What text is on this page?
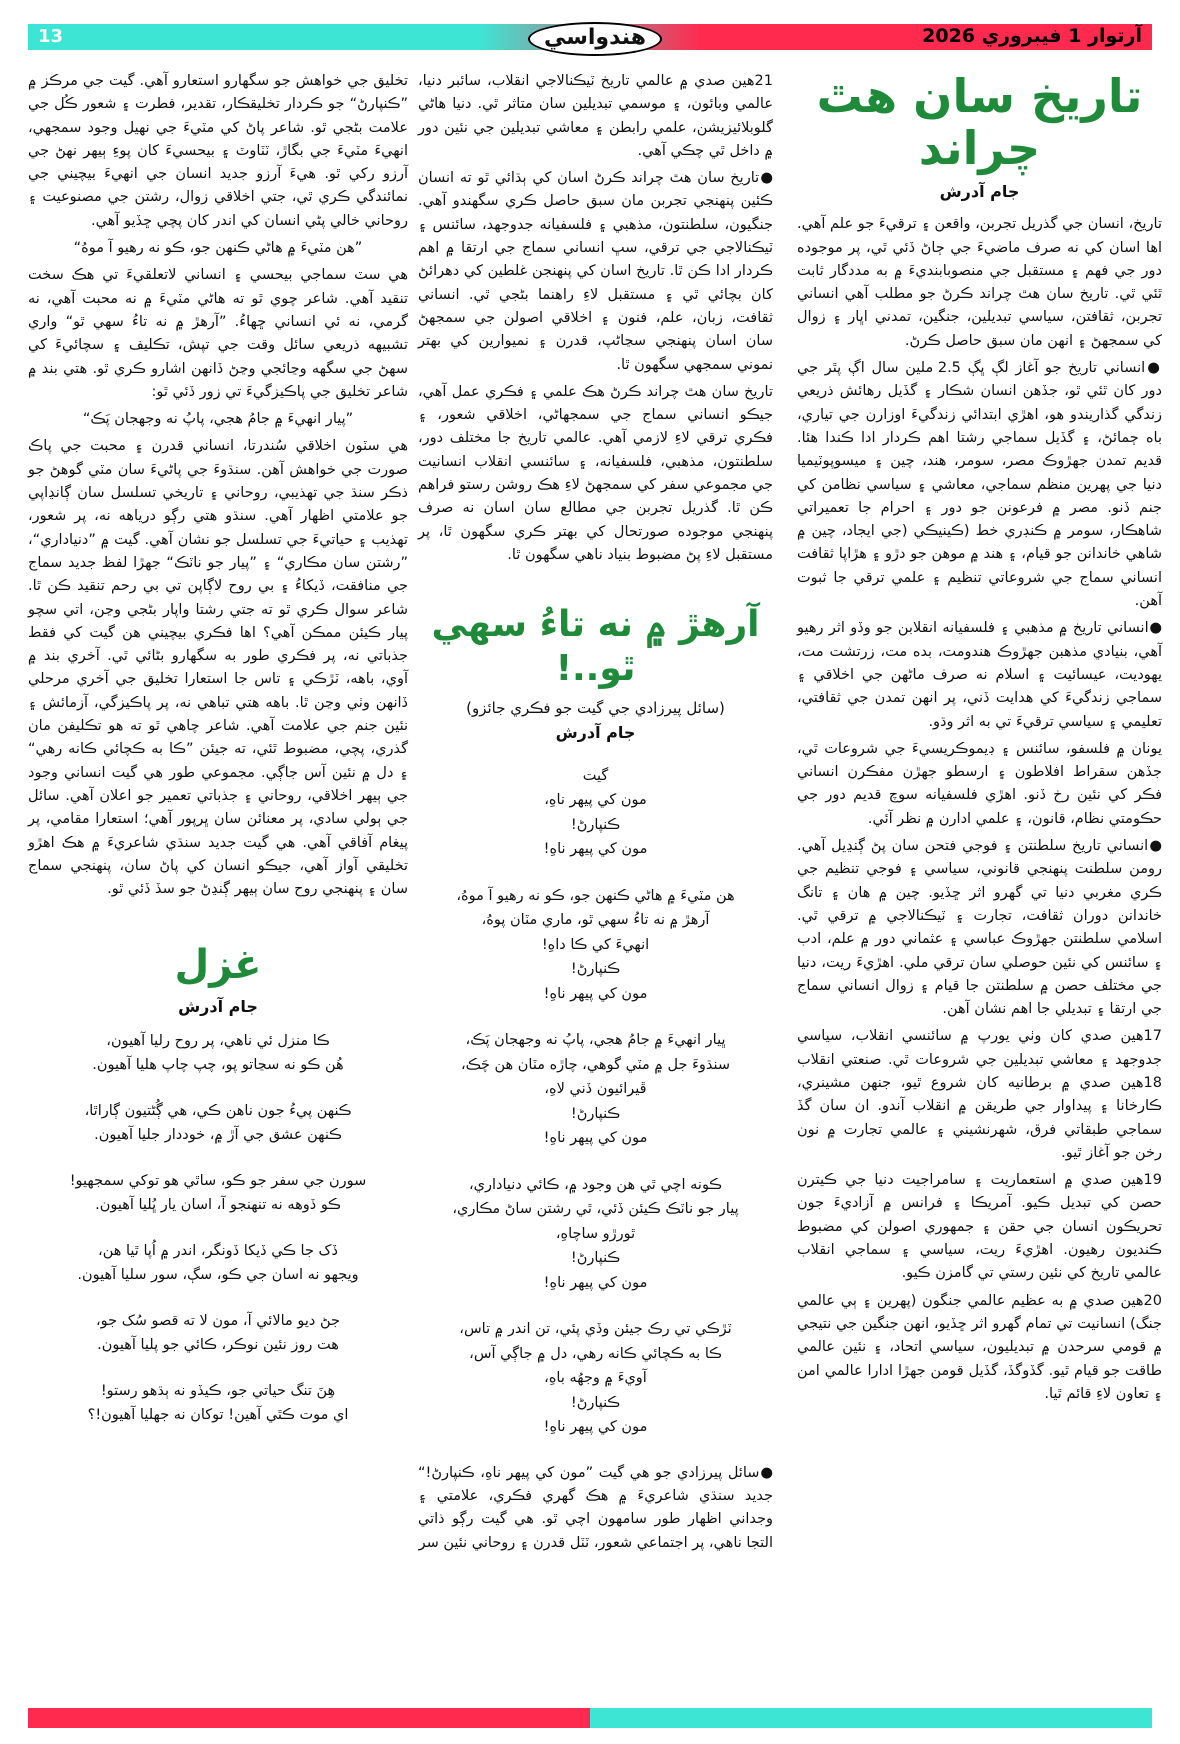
13	هندواسي	آرتوار 1 فيبروري 2026
تاريخ سان هٿ چراند
جام آدرش

تاريخ، انسان جي گذريل تجربن، واقعن ۽ ترقيءَ جو علم آهي. اها اسان کي نه صرف ماضيءَ جي ڄاڻ ڏئي ٿي، پر موجوده دور جي فهم ۽ مستقبل جي منصوبابنديءَ ۾ به مددگار ثابت ٿئي ٿي. تاريخ سان هٿ چراند ڪرڻ جو مطلب آهي انساني تجربن، ثقافتن، سياسي تبديلين، جنگين، تمدني اڀار ۽ زوال کي سمجهڻ ۽ انهن مان سبق حاصل ڪرڻ.

●انساني تاريخ جو آغاز لڳ ڀڳ 2.5 ملين سال اڳ پٿر جي دور کان ٿئي ٿو، جڏهن انسان شڪار ۽ گڏيل رهائش ذريعي زندگي گذاريندو هو، اهڙي ابتدائي زندگيءَ اوزارن جي تياري، باه ڄمائڻ، ۽ گڏيل سماجي رشتا اهم ڪردار ادا ڪندا هئا. قديم تمدن جهڙوڪ مصر، سومر، هند، چين ۽ ميسوپوٽيميا دنيا جي پهرين منظم سماجي، معاشي ۽ سياسي نظامن کي جنم ڏنو. مصر ۾ فرعونن جو دور ۽ احرام جا تعميراتي شاهڪار، سومر ۾ ڪنڊري خط (ڪينيڪي (جي ايجاد، چين ۾ شاهي خاندانن جو قيام، ۽ هند ۾ موهن جو دڙو ۽ هڙاپا ثقافت انساني سماج جي شروعاتي تنظيم ۽ علمي ترقي جا ثبوت آهن.

●انساني تاريخ ۾ مذهبي ۽ فلسفيانه انقلابن جو وڏو اثر رهيو آهي، بنيادي مذهبن جهڙوڪ هندومت، بده مت، زرتشت مت، يهوديت، عيسائيت ۽ اسلام نه صرف ماڻهن جي اخلاقي ۽ سماجي زندگيءَ کي هدايت ڏني، پر انهن تمدن جي ثقافتي، تعليمي ۽ سياسي ترقيءَ تي به اثر وڌو.

يونان ۾ فلسفو، سائنس ۽ ڊيموڪريسيءَ جي شروعات ٿي، جڏهن سقراط افلاطون ۽ ارسطو جهڙن مفڪرن انساني فڪر کي نئين رخ ڏنو. اهڙي فلسفيانه سوچ قديم دور جي حڪومتي نظام، قانون، ۽ علمي ادارن ۾ نظر آئي.

●انساني تاريخ سلطنتن ۽ فوجي فتحن سان پڻ ڳنڍيل آهي. رومن سلطنت پنهنجي قانوني، سياسي ۽ فوجي تنظيم جي ڪري مغربي دنيا تي گهرو اثر ڇڏيو. چين ۾ هان ۽ تانگ خاندانن دوران ثقافت، تجارت ۽ ٽيڪنالاجي ۾ ترقي ٿي. اسلامي سلطنتن جهڙوڪ عباسي ۽ عثماني دور ۾ علم، ادب ۽ سائنس کي نئين حوصلي سان ترقي ملي. اهڙيءَ ريت، دنيا جي مختلف حصن ۾ سلطنتن جا قيام ۽ زوال انساني سماج جي ارتقا ۽ تبديلي جا اهم نشان آهن.

17هين صدي کان وٺي يورپ ۾ سائنسي انقلاب، سياسي جدوجهد ۽ معاشي تبديلين جي شروعات ٿي. صنعتي انقلاب 18هين صدي ۾ برطانيه کان شروع ٿيو، جنهن مشينري، ڪارخانا ۽ پيداوار جي طريقن ۾ انقلاب آندو. ان سان گڏ سماجي طبقاتي فرق، شهرنشيني ۽ عالمي تجارت ۾ نون رخن جو آغاز ٿيو.

19هين صدي ۾ استعماريت ۽ سامراجيت دنيا جي ڪيترن حصن کي تبديل ڪيو. آمريڪا ۽ فرانس ۾ آزاديءَ جون تحريڪون انسان جي حقن ۽ جمهوري اصولن کي مضبوط ڪنديون رهيون. اهڙيءَ ريت، سياسي ۽ سماجي انقلاب عالمي تاريخ کي نئين رستي تي گامزن ڪيو.

20هين صدي ۾ به عظيم عالمي جنگون (پهرين ۽ ٻي عالمي جنگ) انسانيت تي تمام گهرو اثر ڇڏيو، انهن جنگين جي نتيجي ۾ قومي سرحدن ۾ تبديليون، سياسي اتحاد، ۽ نئين عالمي طاقت جو قيام ٿيو. گڏوگڏ، گڏيل قومن جهڙا ادارا عالمي امن ۽ تعاون لاءِ قائم ٿيا.

21هين صدي ۾ عالمي تاريخ ٽيڪنالاجي انقلاب، سائبر دنيا، عالمي وبائون، ۽ موسمي تبديلين سان متاثر ٿي. دنيا هاڻي گلوبلائيزيشن، علمي رابطن ۽ معاشي تبديلين جي نئين دور ۾ داخل ٿي چڪي آهي.

●تاريخ سان هٿ چراند ڪرڻ اسان کي ٻڌائي ٿو ته انسان ڪئين پنهنجي تجربن مان سبق حاصل ڪري سگهندو آهي. جنگيون، سلطنتون، مذهبي ۽ فلسفيانه جدوجهد، سائنس ۽ ٽيڪنالاجي جي ترقي، سڀ انساني سماج جي ارتقا ۾ اهم ڪردار ادا ڪن ٿا. تاريخ اسان کي پنهنجن غلطين کي دهرائڻ کان بچائي ٿي ۽ مستقبل لاءِ راهنما بڻجي ٿي. انساني ثقافت، زبان، علم، فنون ۽ اخلاقي اصولن جي سمجهڻ سان اسان پنهنجي سڃاڻپ، قدرن ۽ نميوارين کي بهتر نموني سمجهي سگهون ٿا.

تاريخ سان هٿ چراند ڪرڻ هڪ علمي ۽ فڪري عمل آهي، جيڪو انساني سماج جي سمجهاڻي، اخلاقي شعور، ۽ فڪري ترقي لاءِ لازمي آهي. عالمي تاريخ جا مختلف دور، سلطنتون، مذهبي، فلسفيانه، ۽ سائنسي انقلاب انسانيت جي مجموعي سفر کي سمجهڻ لاءِ هڪ روشن رستو فراهم ڪن ٿا. گذريل تجربن جي مطالع سان اسان نه صرف پنهنجي موجوده صورتحال کي بهتر ڪري سگهون ٿا، پر مستقبل لاءِ پڻ مضبوط بنياد ناهي سگهون ٿا.

آرهڙ ۾ نه تاءُ سهي ٿو..!
(سائل پيرزادي جي گيت جو فڪري جائزو)
جام آدرش
گيت
مون کي پيهر ناهِ،
ڪنپارڻ!
مون کي پيهر ناهِ!
هن مٽيءَ ۾ هاڻي ڪنهن جو، ڪو نه رهيو آ موهُ،
آرهڙ ۾ نه تاءُ سهي ٿو، ماري مٽان پوهُ،
انهيءَ کي ڪا داهِ!
ڪنپارڻ!
مون کي پيهر ناهِ!
ڀيار انهيءَ ۾ جامُ هجي، پاپُ نه وجهجان پَڪ،
سنڌوءَ جل ۾ مٽي گوهي، چاڙه مٽان هن چَڪ،
ڦيرائيون ڏني لاهِ،
ڪنپارڻ!
مون کي پيهر ناهِ!
ڪونه اچي ٿي هن وجود ۾، ڪائي دنياداري،
پيار جو ناٽڪ ڪيئن ڏئي، ٿي رشتن ساڻ مڪاري،
ٿورڙو ساچاهِ،
ڪنپارڻ!
مون کي پيهر ناهِ!
ٽڙڪي تي رڪ جيئن وڏي پئي، تن اندر ۾ تاس،
ڪا به ڪچائي ڪانه رهي، دل ۾ جاڳي آس،
آويءَ ۾ وجهُه باهِ،
ڪنپارڻ!
مون کي پيهر ناهِ!

●سائل پيرزادي جو هي گيت ”مون کي پيهر ناهِ، ڪنپارڻ!“ جديد سنڌي شاعريءَ ۾ هڪ گهري فڪري، علامتي ۽ وجداني اظهار طور سامهون اچي ٿو. هي گيت رڳو ذاتي التجا ناهي، پر اجتماعي شعور، ٽٽل قدرن ۽ روحاني نئين سر

تخليق جي خواهش جو سگهارو استعارو آهي. گيت جي مرڪز ۾ ”ڪنپارڻ“ جو ڪردار تخليقڪار، تقدير، فطرت ۽ شعور ڪُل جي علامت بڻجي ٿو. شاعر پاڻ کي مٽيءَ جي نهيل وجود سمجهي، انهيءَ مٽيءَ جي بگاڙ، ٽٽاوٽ ۽ بيحسيءَ کان پوءِ ٻيهر نهڻ جي آرزو رکي ٿو. هيءَ آرزو جديد انسان جي انهيءَ بيچيني جي نمائندگي ڪري ٿي، جتي اخلاقي زوال، رشتن جي مصنوعيت ۽ روحاني خالي پڻي انسان کي اندر کان پچي ڇڏيو آهي.

”هن مٽيءَ ۾ هاڻي ڪنهن جو، ڪو نه رهيو آ موهُ“

هي سٽ سماجي بيحسي ۽ انساني لاتعلقيءَ تي هڪ سخت تنقيد آهي. شاعر چوي ٿو ته هاڻي مٽيءَ ۾ نه محبت آهي، نه گرمي، نه ئي انساني ڇهاءُ. ”آرهڙ ۾ نه تاءُ سهي ٿو“ واري تشبيهه ذريعي سائل وقت جي تپش، تڪليف ۽ سچائيءَ کي سهڻ جي سگهه وڃائجي وڃڻ ڏانهن اشارو ڪري ٿو. هتي بند ۾ شاعر تخليق جي پاڪيزگيءَ تي زور ڏئي ٿو:

”پيار انهيءَ ۾ جامُ هجي، پاپُ نه وجهجان پَڪ“

هي سٽون اخلاقي سُندرتا، انساني قدرن ۽ محبت جي پاڪ صورت جي خواهش آهن. سنڌوءَ جي پاڻيءَ سان مٽي گوهڻ جو ذڪر سنڌ جي تهذيبي، روحاني ۽ تاريخي تسلسل سان ڳانڍاپي جو علامتي اظهار آهي. سنڌو هتي رڳو درياهه نه، پر شعور، تهذيب ۽ حياتيءَ جي تسلسل جو نشان آهي. گيت ۾ ”دنياداري“، ”رشتن سان مڪاري“ ۽ ”پيار جو ناٽڪ“ جهڙا لفظ جديد سماج جي منافقت، ڏيکاءُ ۽ بي روح لاڳاپن تي بي رحم تنقيد ڪن ٿا. شاعر سوال ڪري ٿو ته جتي رشتا واپار بڻجي وڃن، اتي سچو پيار ڪيئن ممڪن آهي؟ اها فڪري بيچيني هن گيت کي فقط جذباتي نه، پر فڪري طور به سگهارو بڻائي ٿي. آخري بند ۾ آوي، باهه، ٽڙڪي ۽ تاس جا استعارا تخليق جي آخري مرحلي ڏانهن وٺي وڃن ٿا. باهه هتي تباهي نه، پر پاڪيزگي، آزمائش ۽ نئين جنم جي علامت آهي. شاعر چاهي ٿو ته هو تڪليفن مان گذري، پچي، مضبوط ٿئي، ته جيئن ”ڪا به ڪچائي ڪانه رهي“ ۽ دل ۾ نئين آس جاڳي. مجموعي طور هي گيت انساني وجود جي ٻيهر اخلاقي، روحاني ۽ جذباتي تعمير جو اعلان آهي. سائل جي ٻولي سادي، پر معنائن سان ڀرپور آهي؛ استعارا مقامي، پر پيغام آفاقي آهي. هي گيت جديد سنڌي شاعريءَ ۾ هڪ اهڙو تخليقي آواز آهي، جيڪو انسان کي پاڻ سان، پنهنجي سماج سان ۽ پنهنجي روح سان ٻيهر ڳنڍڻ جو سڏ ڏئي ٿو.

غزل
جام آدرش
ڪا منزل ئي ناهي، پر روح رليا آهيون،
هُن ڪو نه سڃاتو پو، چپ چاپ هليا آهيون.
ڪنهن پيءُ جون ناهن ڪي، هي ڳُڻتيون ڳاراٿا،
ڪنهن عشق جي آڙ ۾، خوددار جليا آهيون.
سورن جي سفر جو ڪو، ساٿي هو توکي سمجهيو!
ڪو ڏوهه نه تنهنجو آ، اسان يار ڀُليا آهيون.
ڏک جا ڪي ڏيکا ڏونگر، اندر ۾ اُپا ٿيا هن،
ويجهو نه اسان جي ڪو، سڳ، سور سليا آهيون.
جڻ ديو مالائي آ، مون لا ته قصو سُک جو،
هت روز نئين نوڪر، ڪائي جو پليا آهيون.
هِنَ تنگ حياتي جو، ڪيڏو نه ٻڌهو رستو!
اي موت ڪٿي آهين! توکان نه جهليا آهيون!؟
